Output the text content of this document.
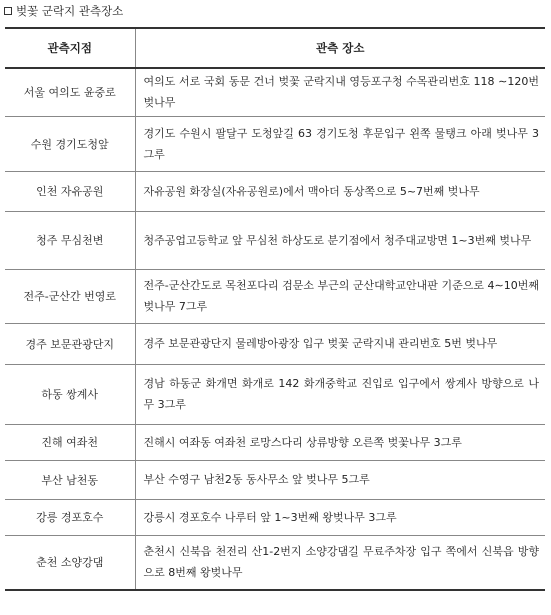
벚꽃 군락지 관측장소
관측지점	관측 장소
서울 여의도 윤중로	여의도 서로 국회 동문 건너 벚꽃 군락지내 영등포구청 수목관리번호 118 ∼120번 벚나무
수원 경기도청앞	경기도 수원시 팔달구 도청앞길 63 경기도청 후문입구 왼쪽 물탱크 아래 벚나무 3그루
인천 자유공원	자유공원 화장실(자유공원로)에서 맥아더 동상쪽으로 5~7번째 벚나무
청주 무심천변	청주공업고등학교 앞 무심천 하상도로 분기점에서 청주대교방면 1~3번째 벚나무
전주-군산간 번영로	전주-군산간도로 목천포다리 검문소 부근의 군산대학교안내판 기준으로 4∼10번째 벚나무 7그루
경주 보문관광단지	경주 보문관광단지 물레방아광장 입구 벚꽃 군락지내 관리번호 5번 벚나무
하동 쌍계사	경남 하동군 화개면 화개로 142 화개중학교 진입로 입구에서 쌍계사 방향으로 나무 3그루
진해 여좌천	진해시 여좌동 여좌천 로망스다리 상류방향 오른쪽 벚꽃나무 3그루
부산 남천동	부산 수영구 남천2동 동사무소 앞 벚나무 5그루
강릉 경포호수	강릉시 경포호수 나루터 앞 1~3번째 왕벚나무 3그루
춘천 소양강댐	춘천시 신북읍 천전리 산1-2번지 소양강댐길 무료주차장 입구 쪽에서 신북읍 방향으로 8번째 왕벚나무
